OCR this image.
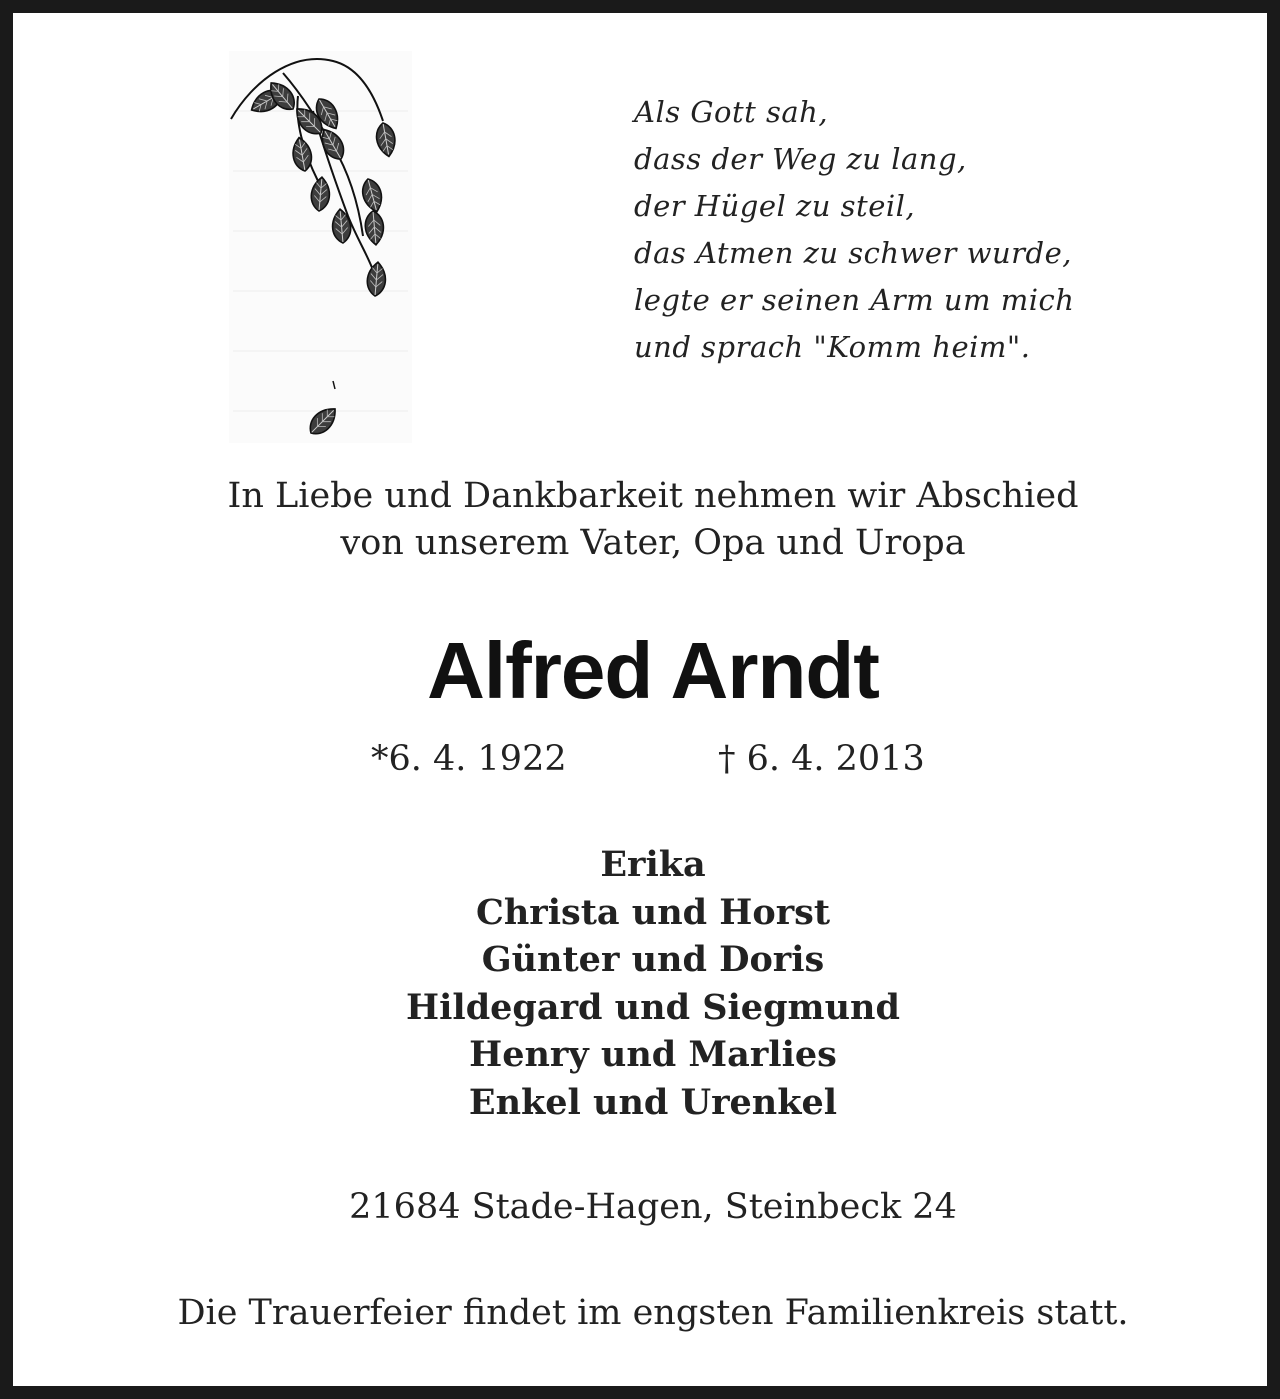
Als Gott sah,
dass der Weg zu lang,
der Hügel zu steil,
das Atmen zu schwer wurde,
legte er seinen Arm um mich
und sprach "Komm heim".
In Liebe und Dankbarkeit nehmen wir Abschied
von unserem Vater, Opa und Uropa
Alfred Arndt
*6. 4. 1922	† 6. 4. 2013
Erika
Christa und Horst
Günter und Doris
Hildegard und Siegmund
Henry und Marlies
Enkel und Urenkel
21684 Stade-Hagen, Steinbeck 24
Die Trauerfeier findet im engsten Familienkreis statt.
